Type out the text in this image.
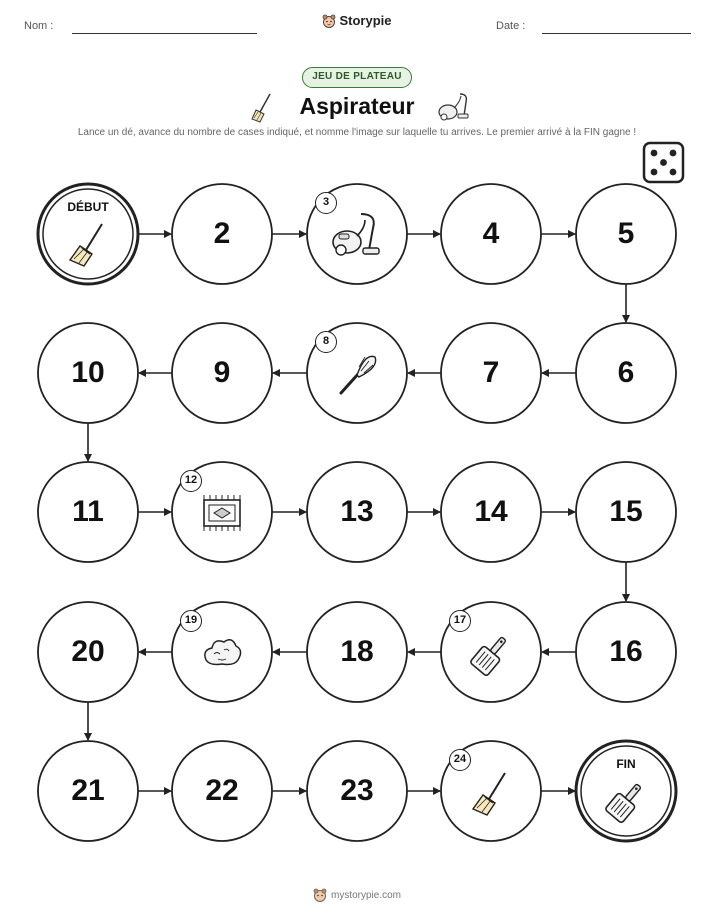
Nom :	Storypie	Date :
JEU DE PLATEAU
Aspirateur
Lance un dé, avance du nombre de cases indiqué, et nomme l'image sur laquelle tu arrives. Le premier arrivé à la FIN gagne !
DÉBUT
2
3
4	5
6
7
8
9
10
11
12
13	14	15
16
17
18
19
20
21	22	23
24	FIN
mystorypie.com
